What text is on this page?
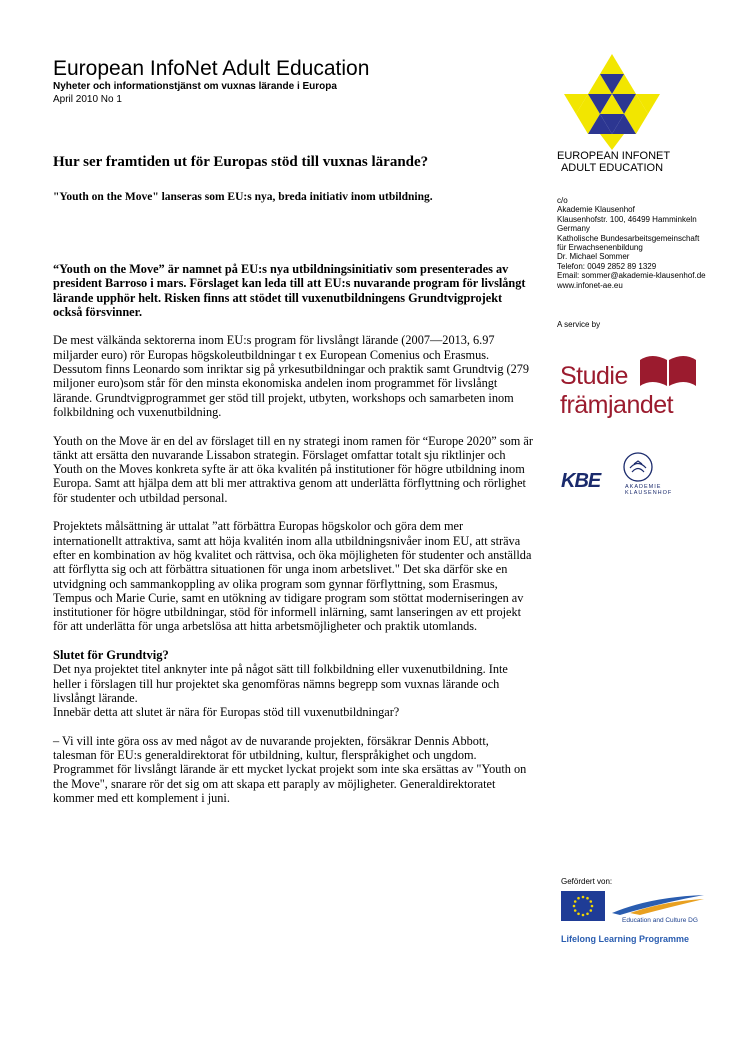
European InfoNet Adult Education
Nyheter och informationstjänst om vuxnas lärande i Europa
April 2010 No 1
Hur ser framtiden ut för Europas stöd till vuxnas lärande?
"Youth on the Move" lanseras som EU:s nya, breda initiativ inom utbildning.

“Youth on the Move” är namnet på EU:s nya utbildningsinitiativ som presenterades av president Barroso i mars. Förslaget kan leda till att EU:s nuvarande program för livslångt lärande upphör helt. Risken finns att stödet till vuxenutbildningens Grundtvigprojekt också försvinner.

De mest välkända sektorerna inom EU:s program för livslångt lärande (2007—2013, 6.97 miljarder euro) rör Europas högskoleutbildningar t ex European Comenius och Erasmus. Dessutom finns Leonardo som inriktar sig på yrkesutbildningar och praktik samt Grundtvig (279 miljoner euro)som står för den minsta ekonomiska andelen inom programmet för livslångt lärande. Grundtvigprogrammet ger stöd till projekt, utbyten, workshops och samarbeten inom folkbildning och vuxenutbildning.

Youth on the Move är en del av förslaget till en ny strategi inom ramen för “Europe 2020” som är tänkt att ersätta den nuvarande Lissabon strategin. Förslaget omfattar totalt sju riktlinjer och Youth on the Moves konkreta syfte är att öka kvalitén på institutioner för högre utbildning inom Europa. Samt att hjälpa dem att bli mer attraktiva genom att underlätta förflyttning och rörlighet för studenter och utbildad personal.

Projektets målsättning är uttalat ”att förbättra Europas högskolor och göra dem mer internationellt attraktiva, samt att höja kvalitén inom alla utbildningsnivåer inom EU, att sträva efter en kombination av hög kvalitet och rättvisa, och öka möjligheten för studenter och anställda att förflytta sig och att förbättra situationen för unga inom arbetslivet." Det ska därför ske en utvidgning och sammankoppling av olika program som gynnar förflyttning, som Erasmus, Tempus och Marie Curie, samt en utökning av tidigare program som stöttat moderniseringen av institutioner för högre utbildningar, stöd för informell inlärning, samt lanseringen av ett projekt för att underlätta för unga arbetslösa att hitta arbetsmöjligheter och praktik utomlands.

Slutet för Grundtvig?

Det nya projektet titel anknyter inte på något sätt till folkbildning eller vuxenutbildning. Inte heller i förslagen till hur projektet ska genomföras nämns begrepp som vuxnas lärande och livslångt lärande.

Innebär detta att slutet är nära för Europas stöd till vuxenutbildningar?

– Vi vill inte göra oss av med något av de nuvarande projekten, försäkrar Dennis Abbott, talesman för EU:s generaldirektorat för utbildning, kultur, flerspråkighet och ungdom. Programmet för livslångt lärande är ett mycket lyckat projekt som inte ska ersättas av "Youth on the Move", snarare rör det sig om att skapa ett paraply av möjligheter. Generaldirektoratet kommer med ett komplement i juni.

EUROPEAN INFONET
ADULT EDUCATION
c/o
Akademie Klausenhof
Klausenhofstr. 100, 46499 Hamminkeln
Germany
Katholische Bundesarbeitsgemeinschaft
für Erwachsenenbildung
Dr. Michael Sommer
Telefon: 0049 2852 89 1329
Email: sommer@akademie-klausenhof.de
www.infonet-ae.eu
A service by
Studie
främjandet
KBE	AKADEMIE
KLAUSENHOF
Gefördert von:
Education and Culture DG
Lifelong Learning Programme
